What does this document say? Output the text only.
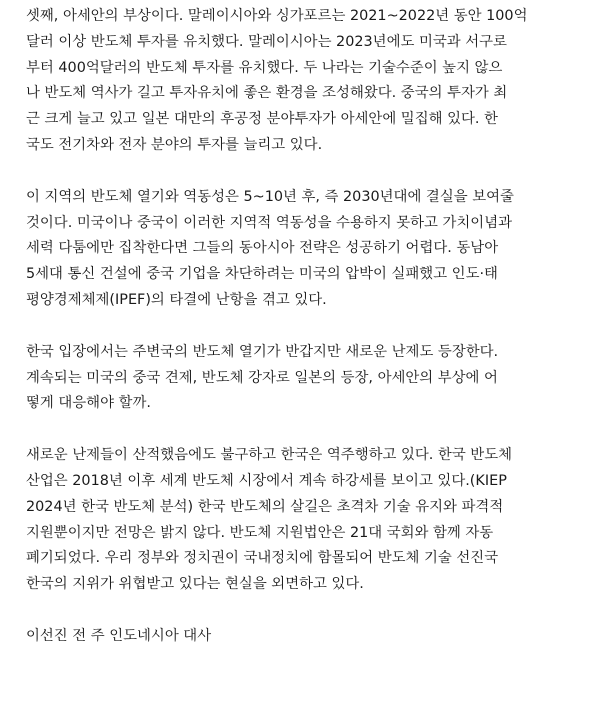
셋째, 아세안의 부상이다. 말레이시아와 싱가포르는 2021~2022년 동안 100억
달러 이상 반도체 투자를 유치했다. 말레이시아는 2023년에도 미국과 서구로
부터 400억달러의 반도체 투자를 유치했다. 두 나라는 기술수준이 높지 않으
나 반도체 역사가 길고 투자유치에 좋은 환경을 조성해왔다. 중국의 투자가 최
근 크게 늘고 있고 일본 대만의 후공정 분야투자가 아세안에 밀집해 있다. 한
국도 전기차와 전자 분야의 투자를 늘리고 있다.

이 지역의 반도체 열기와 역동성은 5~10년 후, 즉 2030년대에 결실을 보여줄
것이다. 미국이나 중국이 이러한 지역적 역동성을 수용하지 못하고 가치이념과
세력 다툼에만 집착한다면 그들의 동아시아 전략은 성공하기 어렵다. 동남아
5세대 통신 건설에 중국 기업을 차단하려는 미국의 압박이 실패했고 인도·태
평양경제체제(IPEF)의 타결에 난항을 겪고 있다.

한국 입장에서는 주변국의 반도체 열기가 반갑지만 새로운 난제도 등장한다.
계속되는 미국의 중국 견제, 반도체 강자로 일본의 등장, 아세안의 부상에 어
떻게 대응해야 할까.

새로운 난제들이 산적했음에도 불구하고 한국은 역주행하고 있다. 한국 반도체
산업은 2018년 이후 세계 반도체 시장에서 계속 하강세를 보이고 있다.(KIEP
2024년 한국 반도체 분석) 한국 반도체의 살길은 초격차 기술 유지와 파격적
지원뿐이지만 전망은 밝지 않다. 반도체 지원법안은 21대 국회와 함께 자동
폐기되었다. 우리 정부와 정치권이 국내정치에 함몰되어 반도체 기술 선진국
한국의 지위가 위협받고 있다는 현실을 외면하고 있다.

이선진 전 주 인도네시아 대사
